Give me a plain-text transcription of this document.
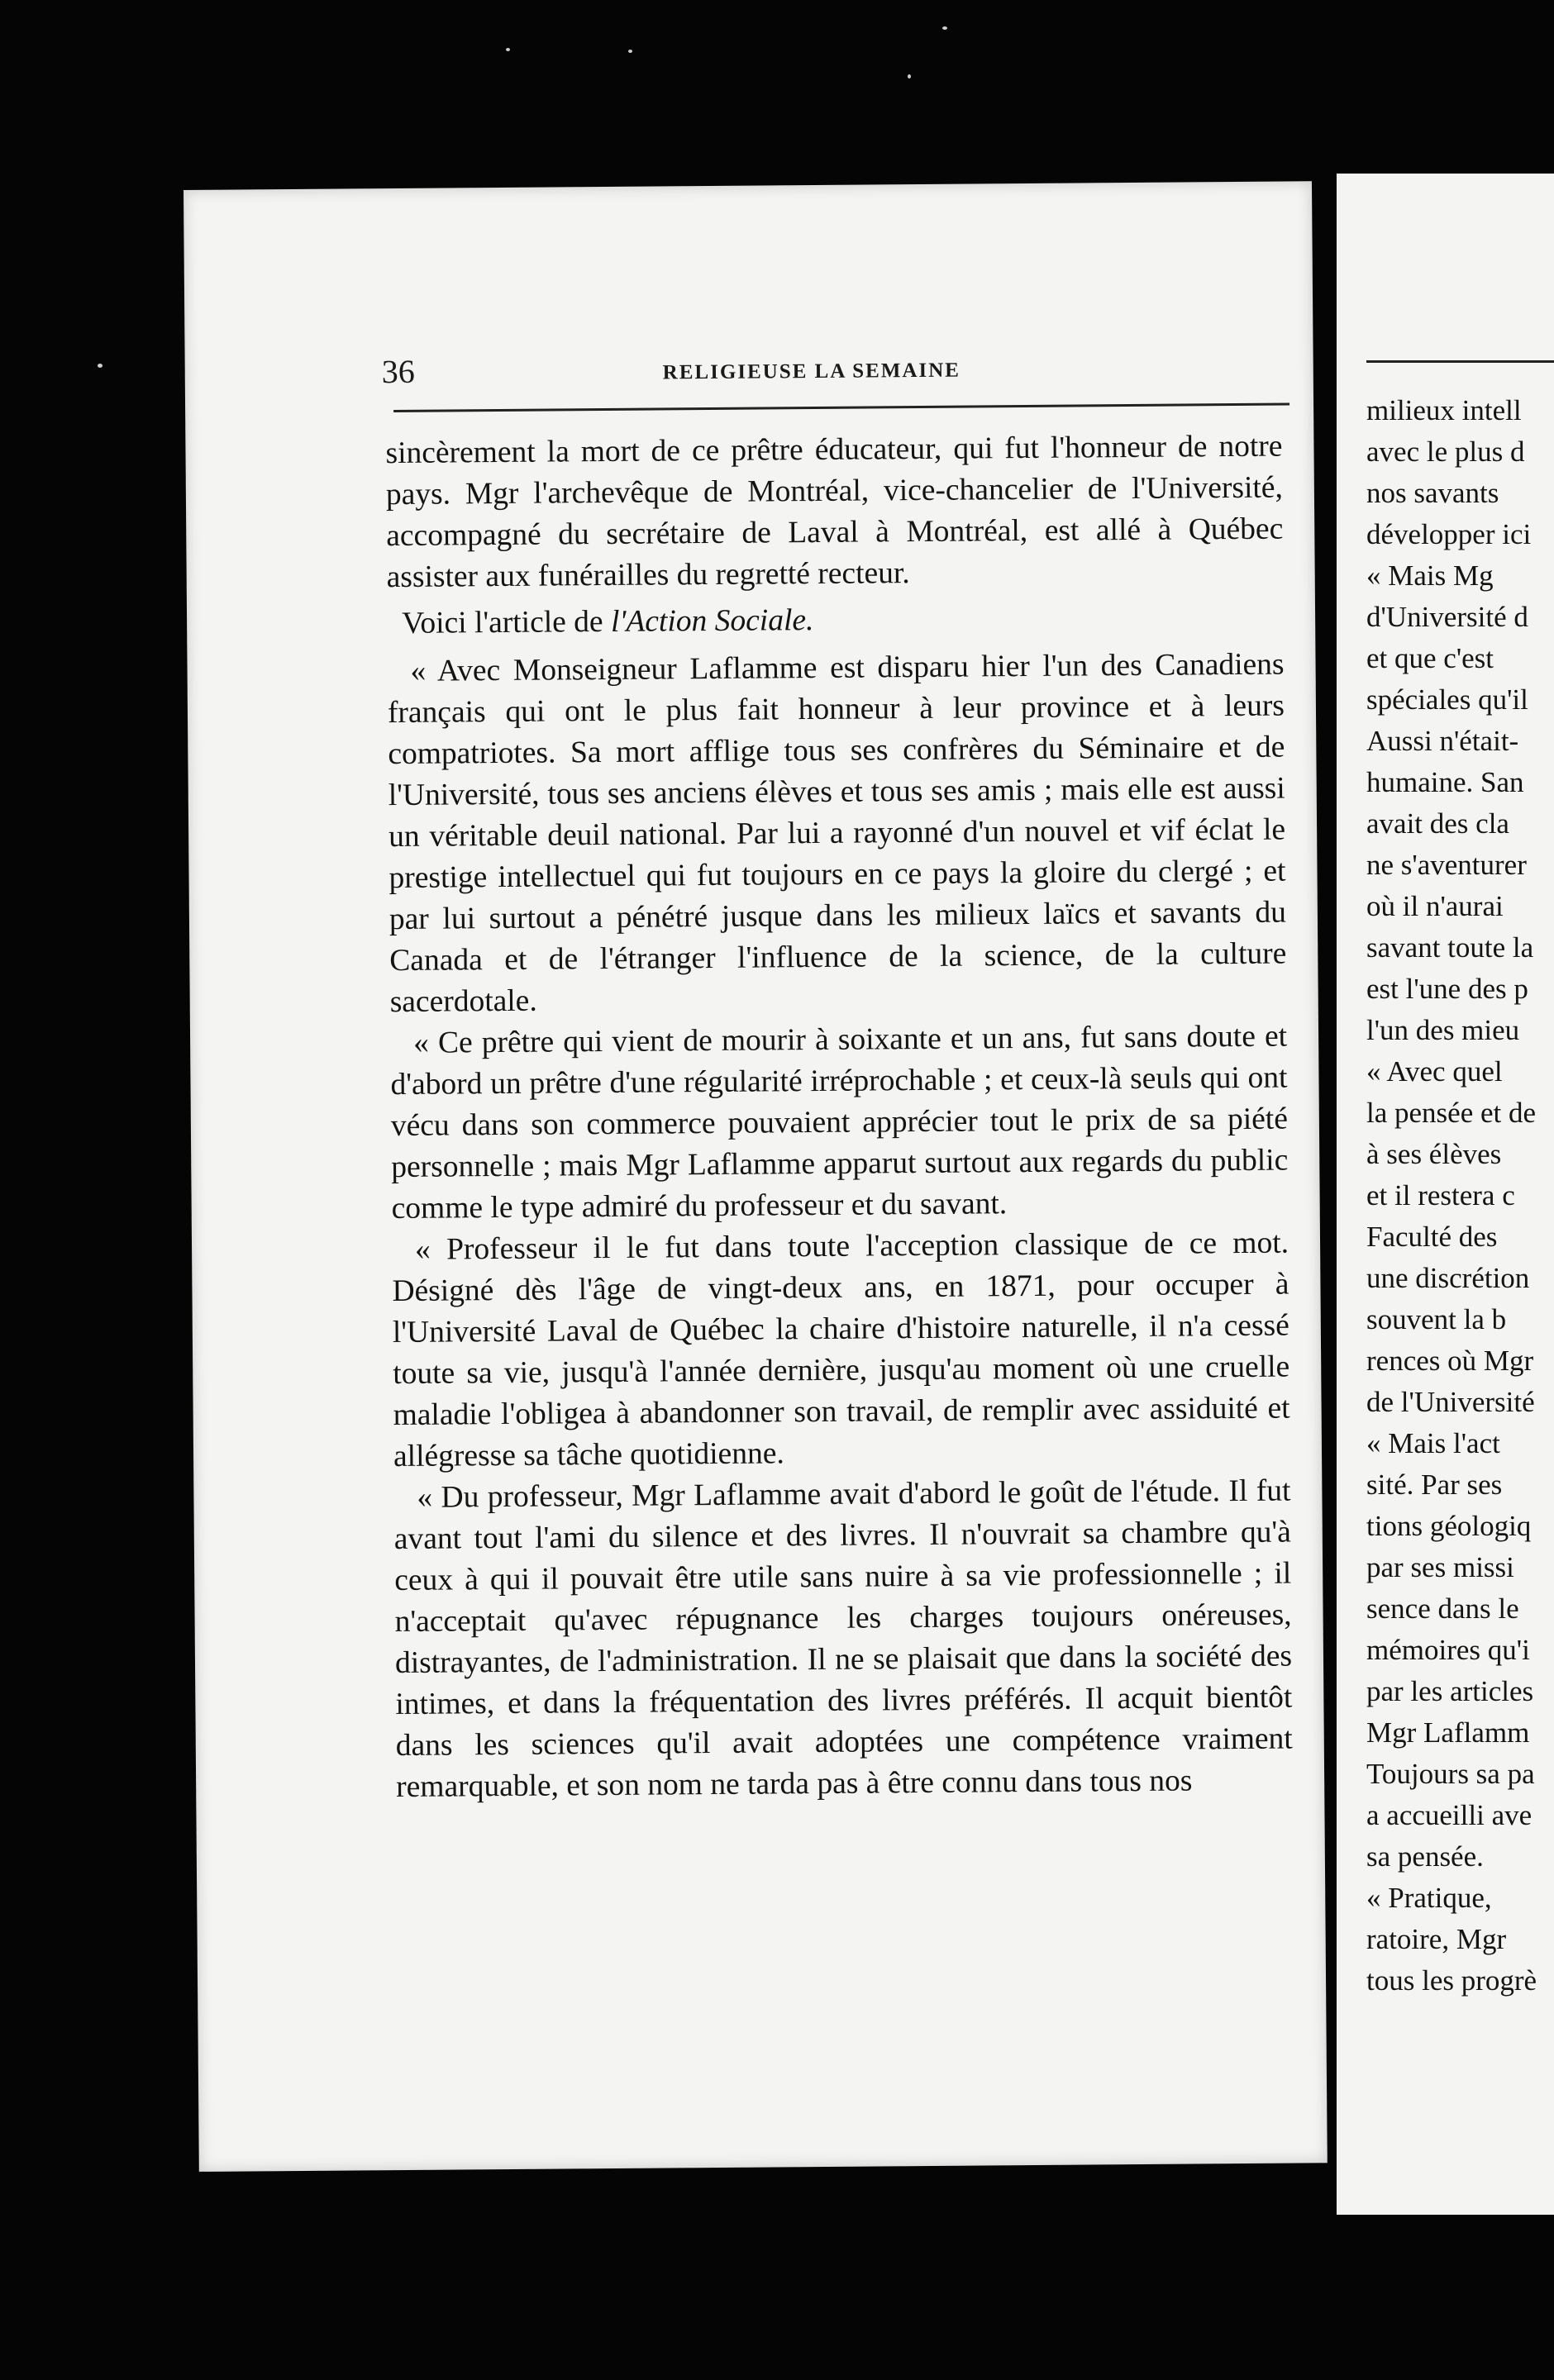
36	RELIGIEUSE LA SEMAINE

sincèrement la mort de ce prêtre éducateur, qui fut l'honneur de notre pays. Mgr l'archevêque de Montréal, vice-chancelier de l'Université, accompagné du secrétaire de Laval à Montréal, est allé à Québec assister aux funérailles du regretté recteur.

Voici l'article de l'Action Sociale.

« Avec Monseigneur Laflamme est disparu hier l'un des Canadiens français qui ont le plus fait honneur à leur province et à leurs compatriotes. Sa mort afflige tous ses confrères du Séminaire et de l'Université, tous ses anciens élèves et tous ses amis ; mais elle est aussi un véritable deuil national. Par lui a rayonné d'un nouvel et vif éclat le prestige intellectuel qui fut toujours en ce pays la gloire du clergé ; et par lui surtout a pénétré jusque dans les milieux laïcs et savants du Canada et de l'étranger l'influence de la science, de la culture sacerdotale.

« Ce prêtre qui vient de mourir à soixante et un ans, fut sans doute et d'abord un prêtre d'une régularité irréprochable ; et ceux-là seuls qui ont vécu dans son commerce pouvaient apprécier tout le prix de sa piété personnelle ; mais Mgr Laflamme apparut surtout aux regards du public comme le type admiré du professeur et du savant.

« Professeur il le fut dans toute l'acception classique de ce mot. Désigné dès l'âge de vingt-deux ans, en 1871, pour occuper à l'Université Laval de Québec la chaire d'histoire naturelle, il n'a cessé toute sa vie, jusqu'à l'année dernière, jusqu'au moment où une cruelle maladie l'obligea à abandonner son travail, de remplir avec assiduité et allégresse sa tâche quotidienne.

« Du professeur, Mgr Laflamme avait d'abord le goût de l'étude. Il fut avant tout l'ami du silence et des livres. Il n'ouvrait sa chambre qu'à ceux à qui il pouvait être utile sans nuire à sa vie professionnelle ; il n'acceptait qu'avec répugnance les charges toujours onéreuses, distrayantes, de l'administration. Il ne se plaisait que dans la société des intimes, et dans la fréquentation des livres préférés. Il acquit bientôt dans les sciences qu'il avait adoptées une compétence vraiment remarquable, et son nom ne tarda pas à être connu dans tous nos

milieux intell
avec le plus d
nos savants
développer ici
« Mais Mg
d'Université d
et que c'est
spéciales qu'il
Aussi n'était-
humaine. San
avait des cla
ne s'aventurer
où il n'aurai
savant toute la
est l'une des p
l'un des mieu
« Avec quel
la pensée et de
à ses élèves
et il restera c
Faculté des
une discrétion
souvent la b
rences où Mgr
de l'Université
« Mais l'act
sité. Par ses
tions géologiq
par ses missi
sence dans le
mémoires qu'i
par les articles
Mgr Laflamm
Toujours sa pa
a accueilli ave
sa pensée.
« Pratique,
ratoire, Mgr
tous les progrè
